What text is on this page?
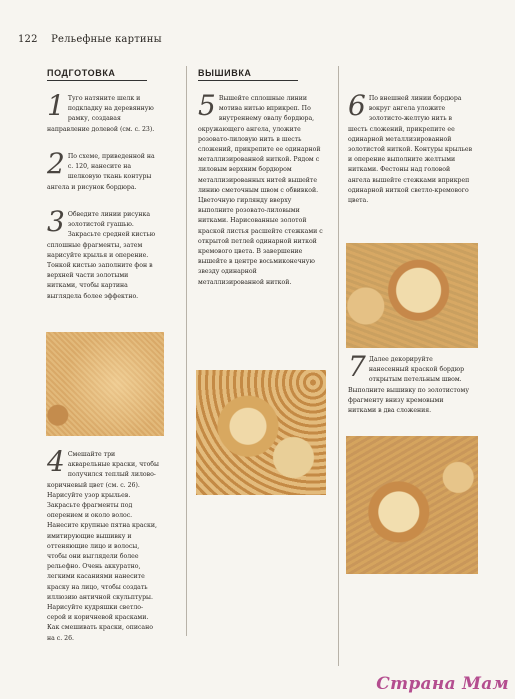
122 Рельефные картины
ПОДГОТОВКА
1 Туго натяните шелк и подкладку на деревянную рамку, создавая направление долевой (см. с. 23).
2 По схеме, приведенной на с. 120, нанесите на шелковую ткань контуры ангела и рисунок бордюра.
3 Обведите линии рисунка золотистой гуашью. Закрасьте средней кистью сплошные фрагменты, затем нарисуйте крылья и оперение. Тонкой кистью заполните фон в верхней части золотыми нитками, чтобы картина выглядела более эффектно.
4 Смешайте три акварельные краски, чтобы получился теплый лилово-коричневый цвет (см. с. 26). Нарисуйте узор крыльев. Закрасьте фрагменты под оперением и около волос. Нанесите крупные пятна краски, имитирующие вышивку и оттеняющие лицо и волосы, чтобы они выглядели более рельефно. Очень аккуратно, легкими касаниями нанесите краску на лицо, чтобы создать иллюзию античной скульптуры. Нарисуйте кудряшки светло-серой и коричневой красками. Как смешивать краски, описано на с. 26.
ВЫШИВКА
5 Вышейте сплошные линии мотива нитью вприкреп. По внутреннему овалу бордюра, окружающего ангела, уложите розовато-лиловую нить в шесть сложений, прикрепите ее одинарной металлизированной ниткой. Рядом с лиловым верхним бордюром металлизированных нитей вышейте линию сметочным швом с обвивкой. Цветочную гирлянду вверху выполните розовато-лиловыми нитками. Нарисованные золотой краской листья расшейте стежками с открытой петлей одинарной ниткой кремового цвета. В завершение вышейте в центре восьмиконечную звезду одинарной металлизированной ниткой.
6 По внешней линии бордюра вокруг ангела уложите золотисто-желтую нить в шесть сложений, прикрепите ее одинарной металлизированной золотистой ниткой. Контуры крыльев и оперение выполните желтыми нитками. Фестоны над головой ангела вышейте стежками вприкреп одинарной ниткой светло-кремового цвета.
7 Далее декорируйте нанесенный краской бордюр открытым петельным швом. Выполните вышивку по золотистому фрагменту внизу кремовыми нитками в два сложения.
Страна Мам
